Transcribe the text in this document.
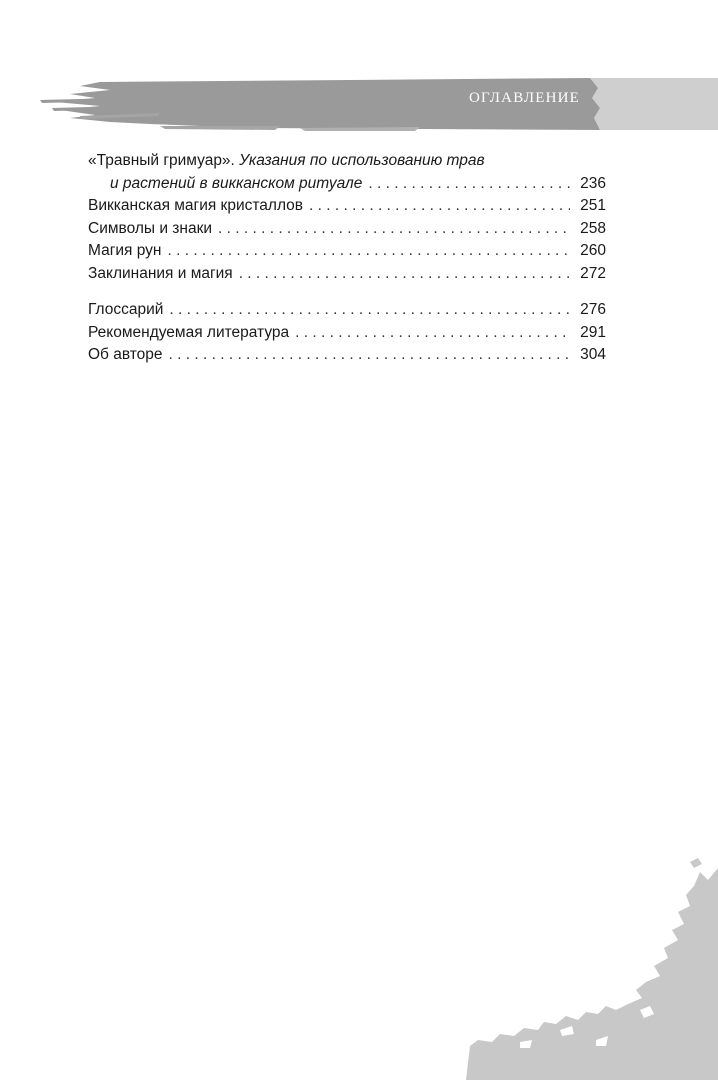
ОГЛАВЛЕНИЕ
«Травный гримуар». Указания по использованию трав
и растений в викканском ритуале . . .	236
Викканская магия кристаллов . . .	251
Символы и знаки . . .	258
Магия рун . . .	260
Заклинания и магия . . .	272
Глоссарий . . .	276
Рекомендуемая литература . . .	291
Об авторе . . .	304
